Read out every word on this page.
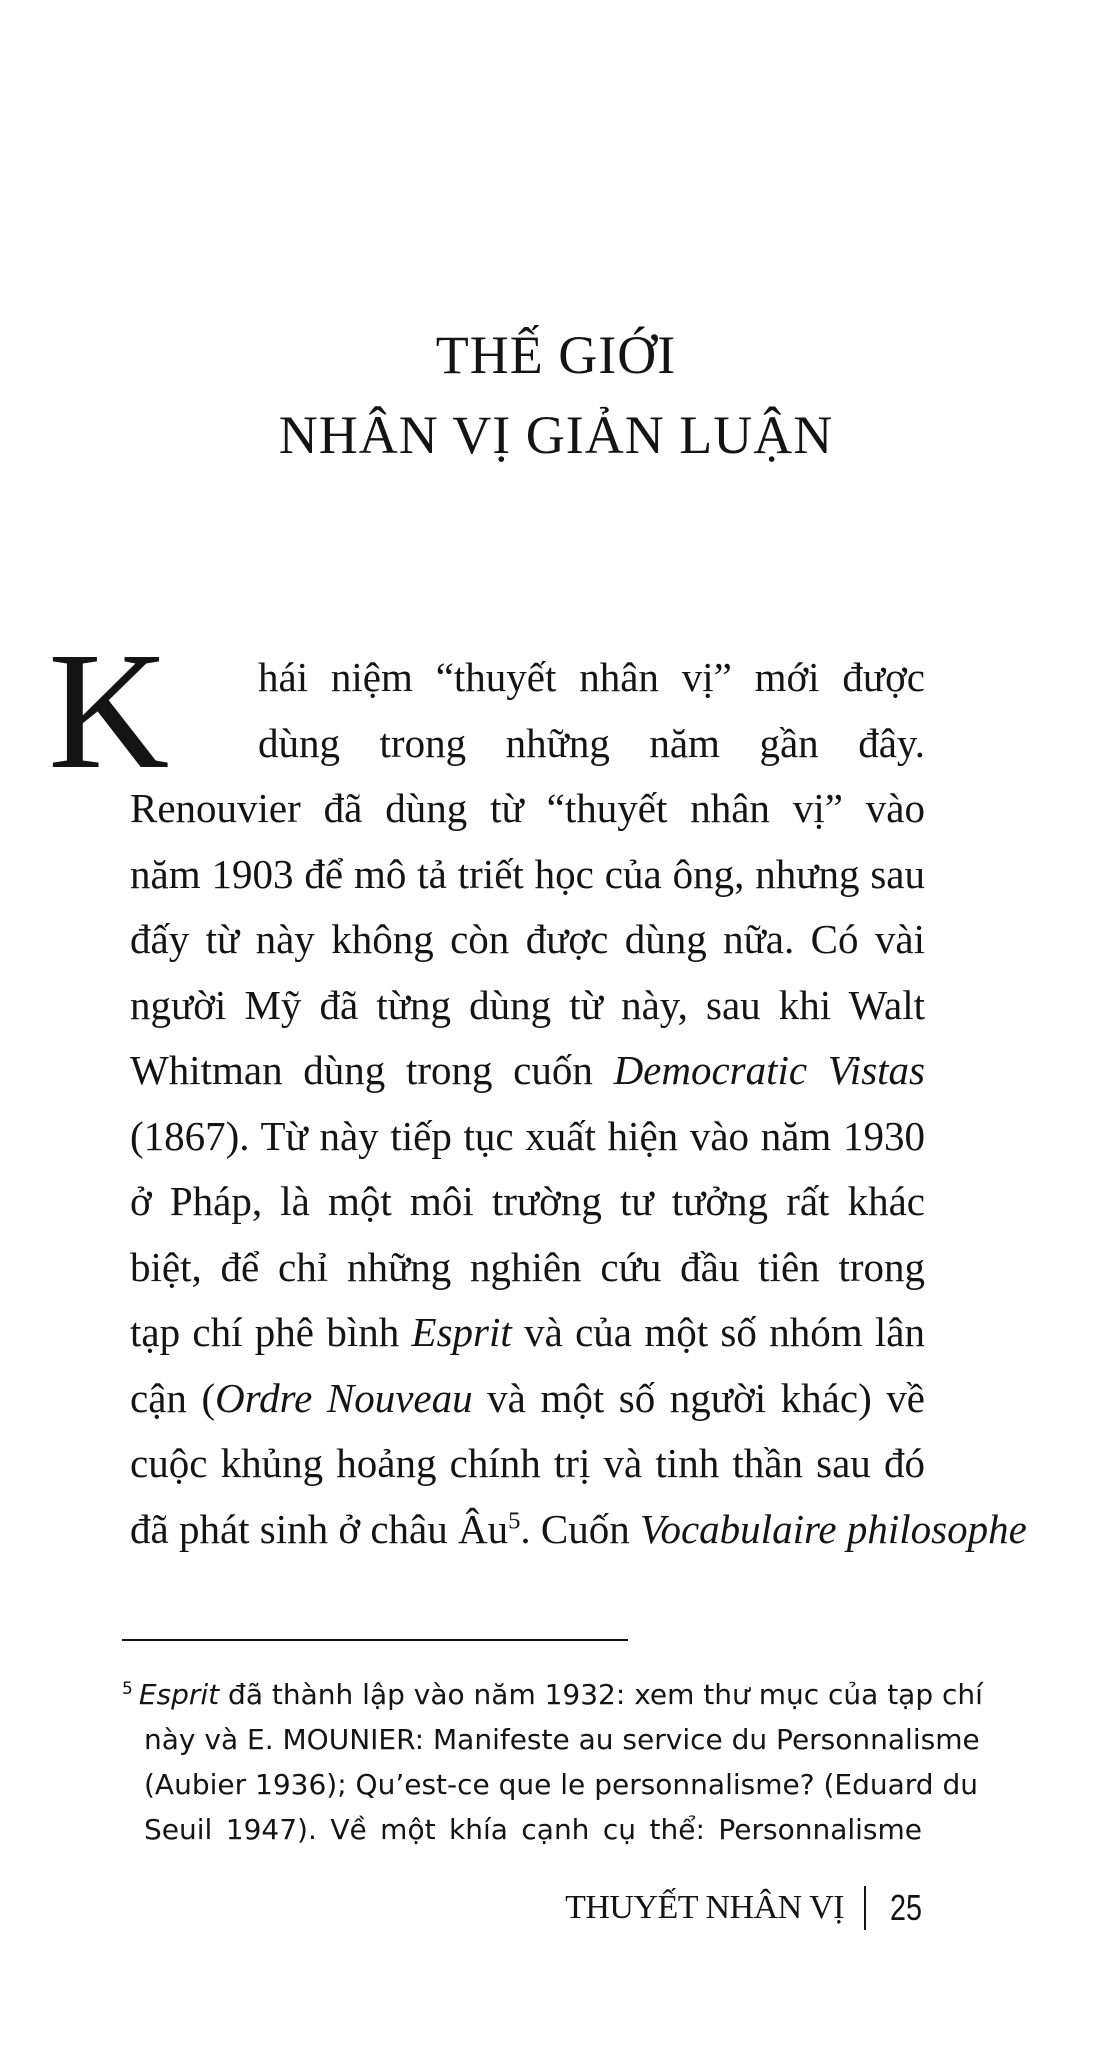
THẾ GIỚI
NHÂN VỊ GIẢN LUẬN
K	hái niệm “thuyết nhân vị” mới được
dùng trong những năm gần đây.
Renouvier đã dùng từ “thuyết nhân vị” vào
năm 1903 để mô tả triết học của ông, nhưng sau
đấy từ này không còn được dùng nữa. Có vài
người Mỹ đã từng dùng từ này, sau khi Walt
Whitman dùng trong cuốn Democratic Vistas
(1867). Từ này tiếp tục xuất hiện vào năm 1930
ở Pháp, là một môi trường tư tưởng rất khác
biệt, để chỉ những nghiên cứu đầu tiên trong
tạp chí phê bình Esprit và của một số nhóm lân
cận (Ordre Nouveau và một số người khác) về
cuộc khủng hoảng chính trị và tinh thần sau đó
đã phát sinh ở châu $Âu^5$. Cuốn Vocabulaire philosophe
$^5$ Esprit đã thành lập vào năm 1932: xem thư mục của tạp chí
này và E. MOUNIER: Manifeste au service du Personnalisme
(Aubier 1936); Qu’est-ce que le personnalisme? (Eduard du
Seuil 1947). Về một khía cạnh cụ thể: Personnalisme
THUYẾT NHÂN VỊ 25
